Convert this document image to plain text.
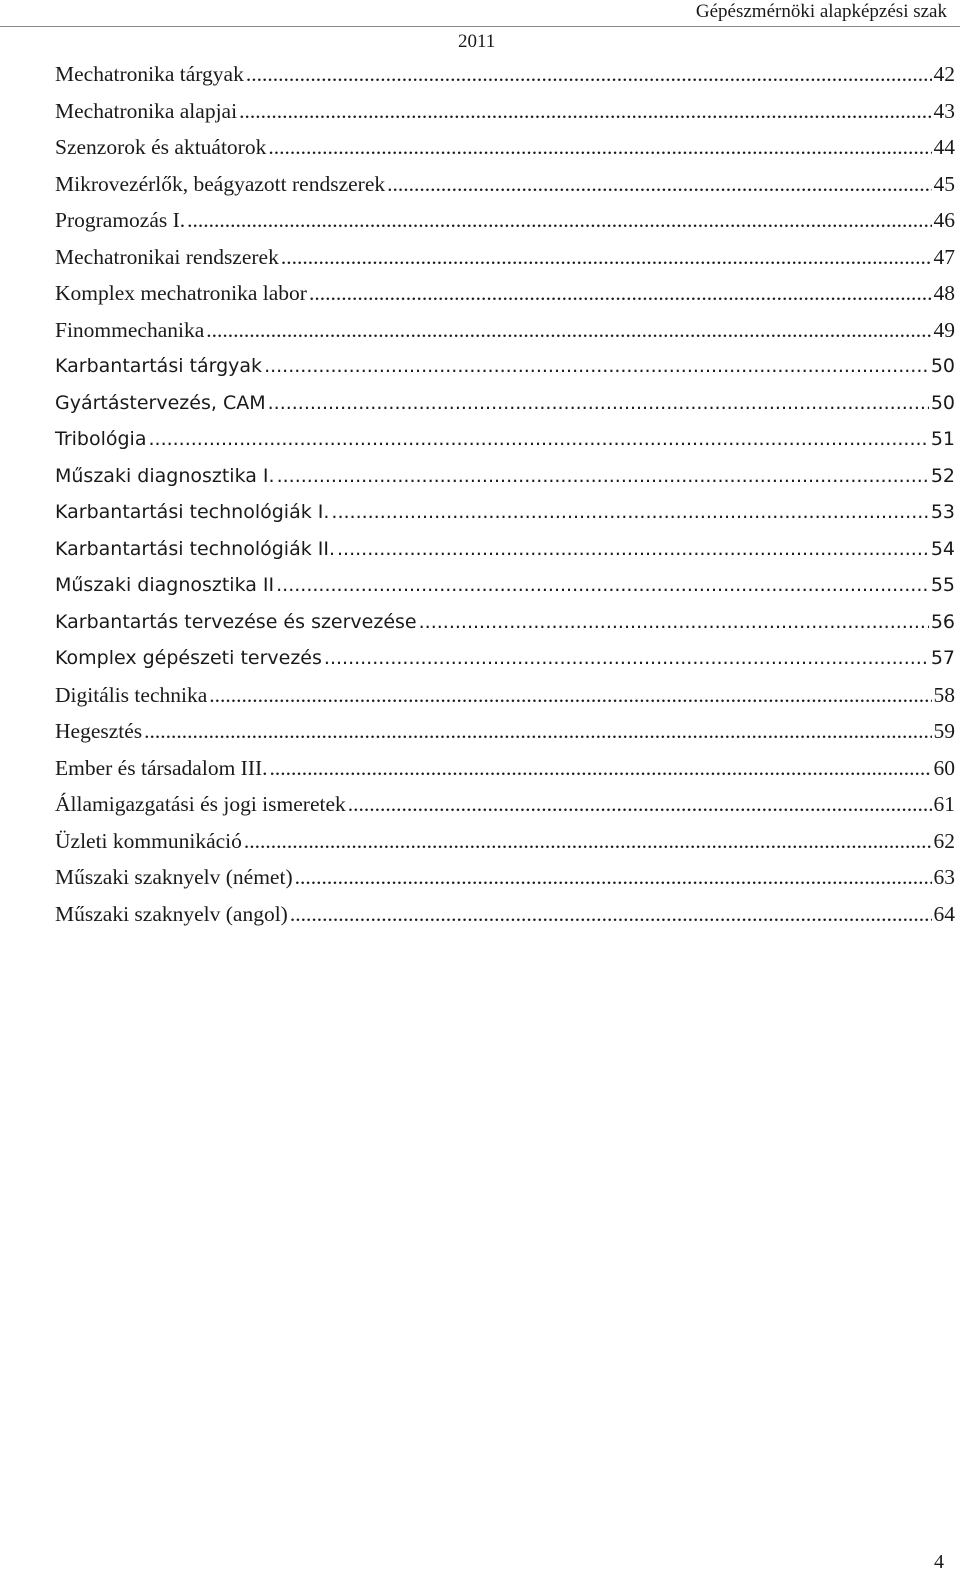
Gépészmérnöki alapképzési szak
2011
Mechatronika tárgyak .....	42
Mechatronika alapjai .....	43
Szenzorok és aktuátorok .....	44
Mikrovezérlők, beágyazott rendszerek .....	45
Programozás I. .....	46
Mechatronikai rendszerek .....	47
Komplex mechatronika labor .....	48
Finommechanika .....	49
Karbantartási tárgyak .....	50
Gyártástervezés, CAM .....	50
Tribológia .....	51
Műszaki diagnosztika I. .....	52
Karbantartási technológiák I. .....	53
Karbantartási technológiák II. .....	54
Műszaki diagnosztika II .....	55
Karbantartás tervezése és szervezése .....	56
Komplex gépészeti tervezés .....	57
Digitális technika .....	58
Hegesztés .....	59
Ember és társadalom III. .....	60
Államigazgatási és jogi ismeretek .....	61
Üzleti kommunikáció .....	62
Műszaki szaknyelv (német) .....	63
Műszaki szaknyelv (angol) .....	64
4
